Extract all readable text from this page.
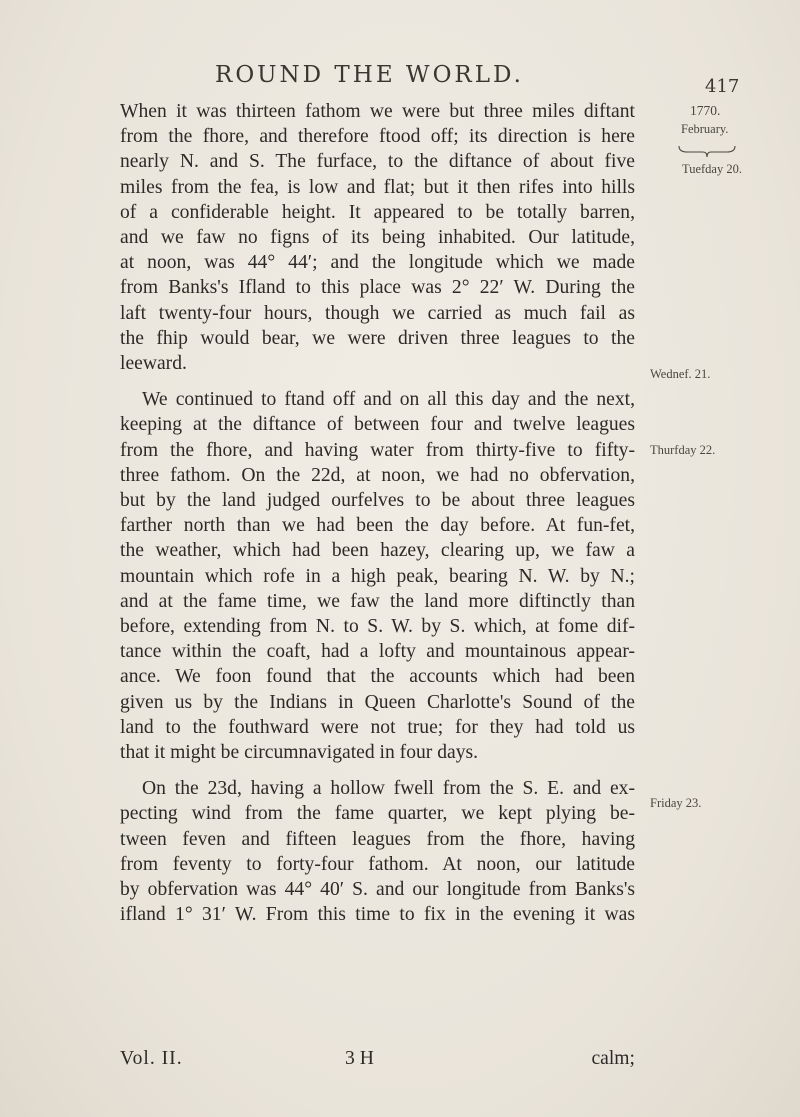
ROUND THE WORLD.	417
1770.
February.
Tuefday 20.
Wednef. 21.
Thurfday 22.
Friday 23.
When it was thirteen fathom we were but three miles diftant
from the fhore, and therefore ftood off; its direction is here
nearly N. and S. The furface, to the diftance of about five
miles from the fea, is low and flat; but it then rifes into hills
of a confiderable height. It appeared to be totally barren,
and we faw no figns of its being inhabited. Our latitude,
at noon, was 44° 44′; and the longitude which we made
from Banks's Ifland to this place was 2° 22′ W. During the
laft twenty-four hours, though we carried as much fail as
the fhip would bear, we were driven three leagues to the
leeward.
We continued to ftand off and on all this day and the next,
keeping at the diftance of between four and twelve leagues
from the fhore, and having water from thirty-five to fifty-
three fathom. On the 22d, at noon, we had no obfervation,
but by the land judged ourfelves to be about three leagues
farther north than we had been the day before. At fun-fet,
the weather, which had been hazey, clearing up, we faw a
mountain which rofe in a high peak, bearing N. W. by N.;
and at the fame time, we faw the land more diftinctly than
before, extending from N. to S. W. by S. which, at fome dif-
tance within the coaft, had a lofty and mountainous appear-
ance. We foon found that the accounts which had been
given us by the Indians in Queen Charlotte's Sound of the
land to the fouthward were not true; for they had told us
that it might be circumnavigated in four days.
On the 23d, having a hollow fwell from the S. E. and ex-
pecting wind from the fame quarter, we kept plying be-
tween feven and fifteen leagues from the fhore, having
from feventy to forty-four fathom. At noon, our latitude
by obfervation was 44° 40′ S. and our longitude from Banks's
ifland 1° 31′ W. From this time to fix in the evening it was
Vol. II.	3 H	calm;
